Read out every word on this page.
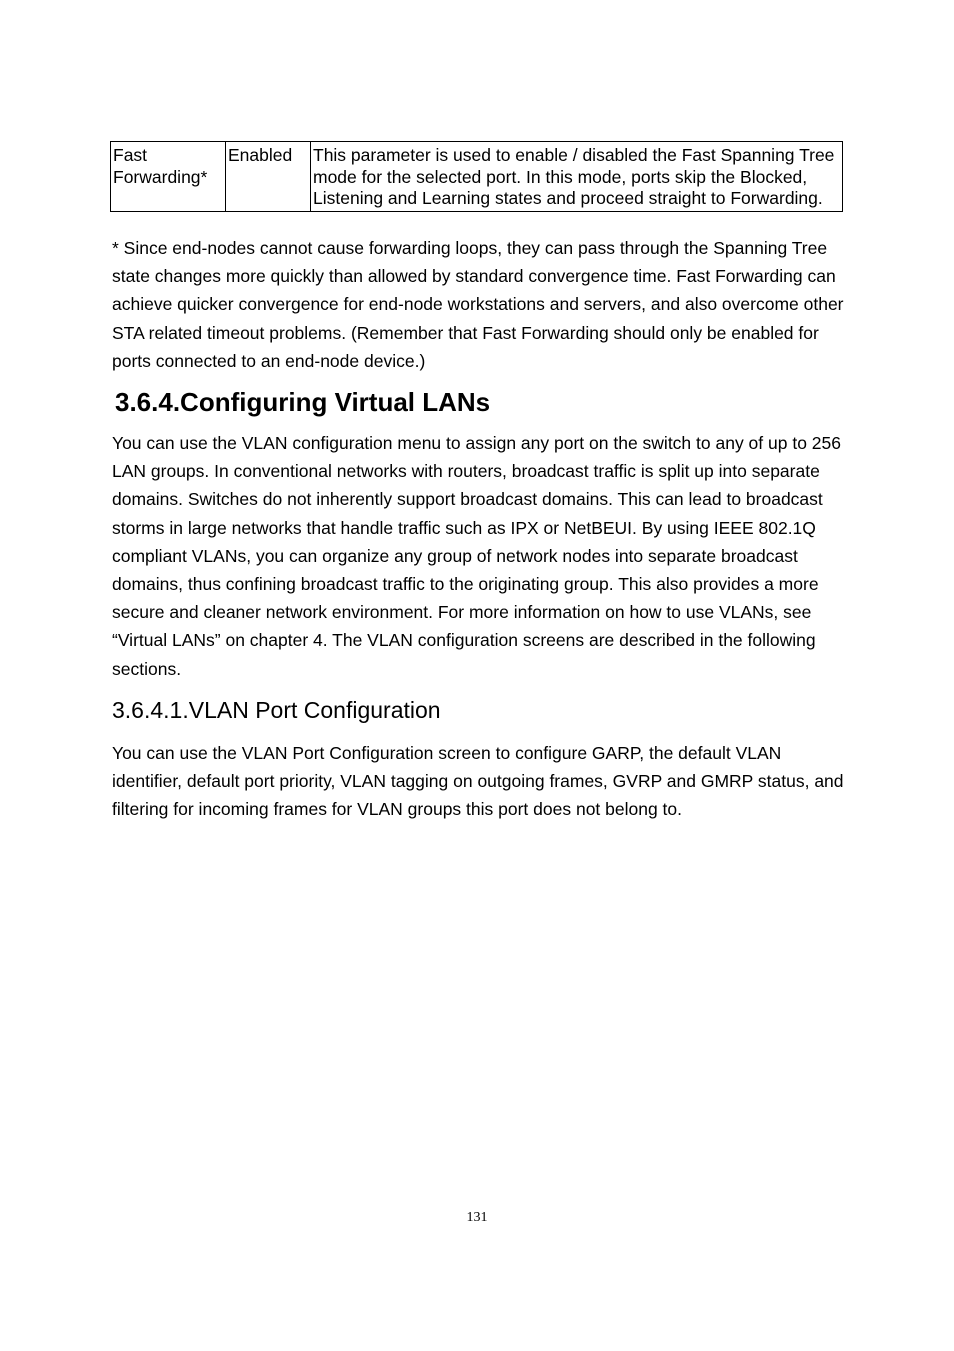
Fast Forwarding*	Enabled	This parameter is used to enable / disabled the Fast Spanning Tree mode for the selected port. In this mode, ports skip the Blocked, Listening and Learning states and proceed straight to Forwarding.

* Since end-nodes cannot cause forwarding loops, they can pass through the Spanning Tree state changes more quickly than allowed by standard convergence time. Fast Forwarding can achieve quicker convergence for end-node workstations and servers, and also overcome other STA related timeout problems. (Remember that Fast Forwarding should only be enabled for ports connected to an end-node device.)

3.6.4.Configuring Virtual LANs

You can use the VLAN configuration menu to assign any port on the switch to any of up to 256 LAN groups. In conventional networks with routers, broadcast traffic is split up into separate domains. Switches do not inherently support broadcast domains. This can lead to broadcast storms in large networks that handle traffic such as IPX or NetBEUI. By using IEEE 802.1Q compliant VLANs, you can organize any group of network nodes into separate broadcast domains, thus confining broadcast traffic to the originating group. This also provides a more secure and cleaner network environment. For more information on how to use VLANs, see “Virtual LANs” on chapter 4. The VLAN configuration screens are described in the following sections.

3.6.4.1.VLAN Port Configuration

You can use the VLAN Port Configuration screen to configure GARP, the default VLAN identifier, default port priority, VLAN tagging on outgoing frames, GVRP and GMRP status, and filtering for incoming frames for VLAN groups this port does not belong to.

131
